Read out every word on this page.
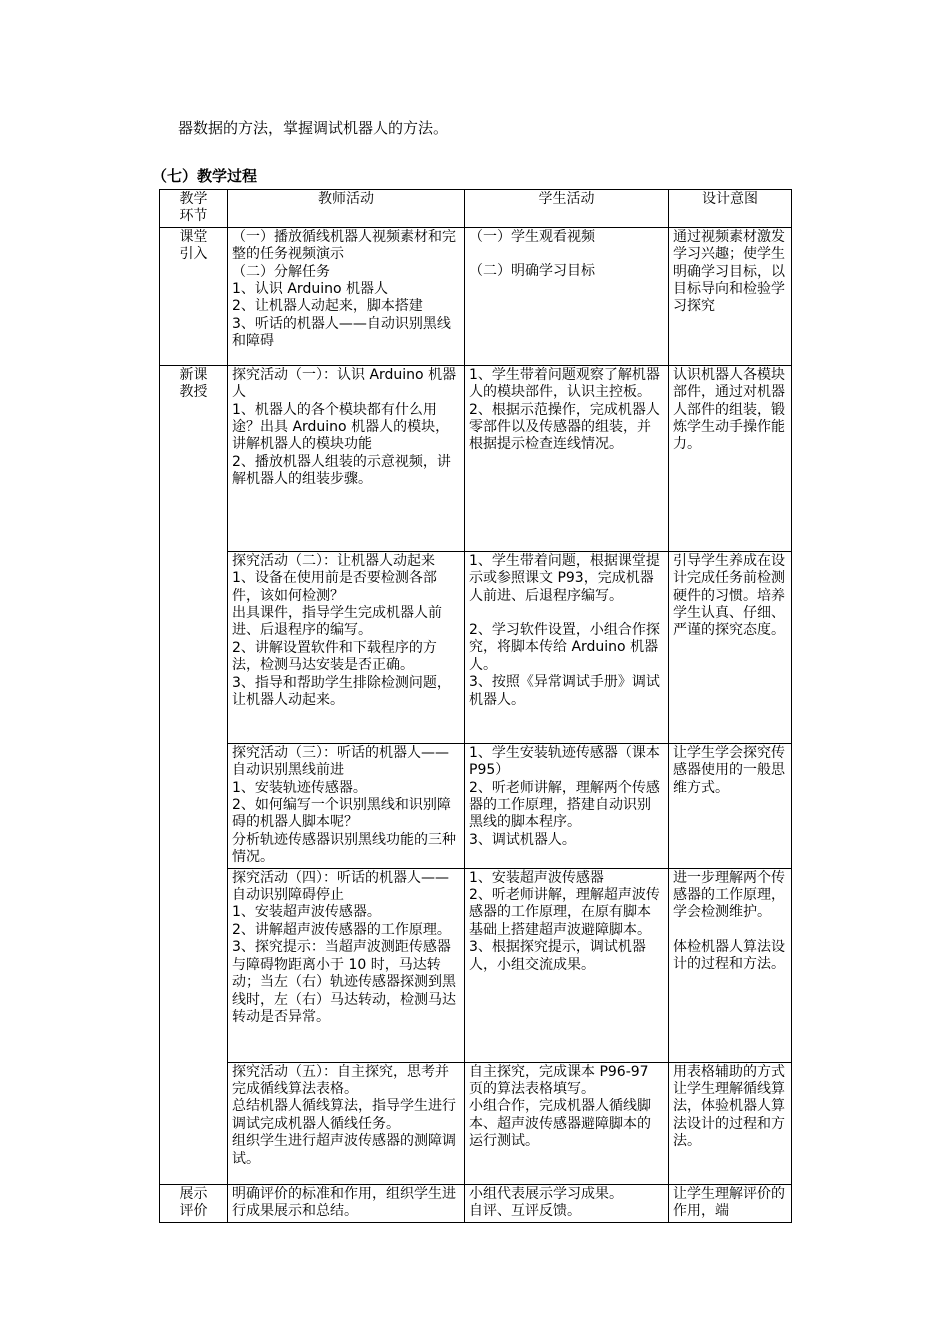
器数据的方法，掌握调试机器人的方法。
（七）教学过程
教学
环节	教师活动	学生活动	设计意图

课堂
引入	（一）播放循线机器人视频素材和完整的任务视频演示
（二）分解任务
1、认识 Arduino 机器人
2、让机器人动起来，脚本搭建
3、听话的机器人——自动识别黑线和障碍	（一）学生观看视频
（二）明确学习目标	通过视频素材激发学习兴趣；使学生明确学习目标，以目标导向和检验学习探究

新课
教授	探究活动（一）：认识 Arduino 机器人
1、机器人的各个模块都有什么用途？出具 Arduino 机器人的模块，讲解机器人的模块功能
2、播放机器人组装的示意视频，讲解机器人的组装步骤。	1、学生带着问题观察了解机器人的模块部件，认识主控板。
2、根据示范操作，完成机器人零部件以及传感器的组装，并根据提示检查连线情况。	认识机器人各模块部件，通过对机器人部件的组装，锻炼学生动手操作能力。

	探究活动（二）：让机器人动起来
1、设备在使用前是否要检测各部件，该如何检测？
出具课件，指导学生完成机器人前进、后退程序的编写。
2、讲解设置软件和下载程序的方法，检测马达安装是否正确。
3、指导和帮助学生排除检测问题，让机器人动起来。	1、学生带着问题，根据课堂提示或参照课文 P93，完成机器人前进、后退程序编写。
2、学习软件设置，小组合作探究，将脚本传给 Arduino 机器人。
3、按照《异常调试手册》调试机器人。	引导学生养成在设计完成任务前检测硬件的习惯。培养学生认真、仔细、严谨的探究态度。

	探究活动（三）：听话的机器人——自动识别黑线前进
1、安装轨迹传感器。
2、如何编写一个识别黑线和识别障碍的机器人脚本呢？
分析轨迹传感器识别黑线功能的三种情况。	1、学生安装轨迹传感器（课本 P95）
2、听老师讲解，理解两个传感器的工作原理，搭建自动识别黑线的脚本程序。
3、调试机器人。	让学生学会探究传感器使用的一般思维方式。

	探究活动（四）：听话的机器人——自动识别障碍停止
1、安装超声波传感器。
2、讲解超声波传感器的工作原理。
3、探究提示：当超声波测距传感器与障碍物距离小于 10 时，马达转动；当左（右）轨迹传感器探测到黑线时，左（右）马达转动，检测马达转动是否异常。	1、安装超声波传感器
2、听老师讲解，理解超声波传感器的工作原理，在原有脚本基础上搭建超声波避障脚本。
3、根据探究提示，调试机器人，小组交流成果。	进一步理解两个传感器的工作原理，学会检测维护。
体检机器人算法设计的过程和方法。

	探究活动（五）：自主探究，思考并完成循线算法表格。
总结机器人循线算法，指导学生进行调试完成机器人循线任务。
组织学生进行超声波传感器的测障调试。	自主探究，完成课本 P96-97 页的算法表格填写。
小组合作，完成机器人循线脚本、超声波传感器避障脚本的运行测试。	用表格辅助的方式让学生理解循线算法，体验机器人算法设计的过程和方法。

展示
评价	明确评价的标准和作用，组织学生进行成果展示和总结。	小组代表展示学习成果。
自评、互评反馈。	让学生理解评价的作用，端
